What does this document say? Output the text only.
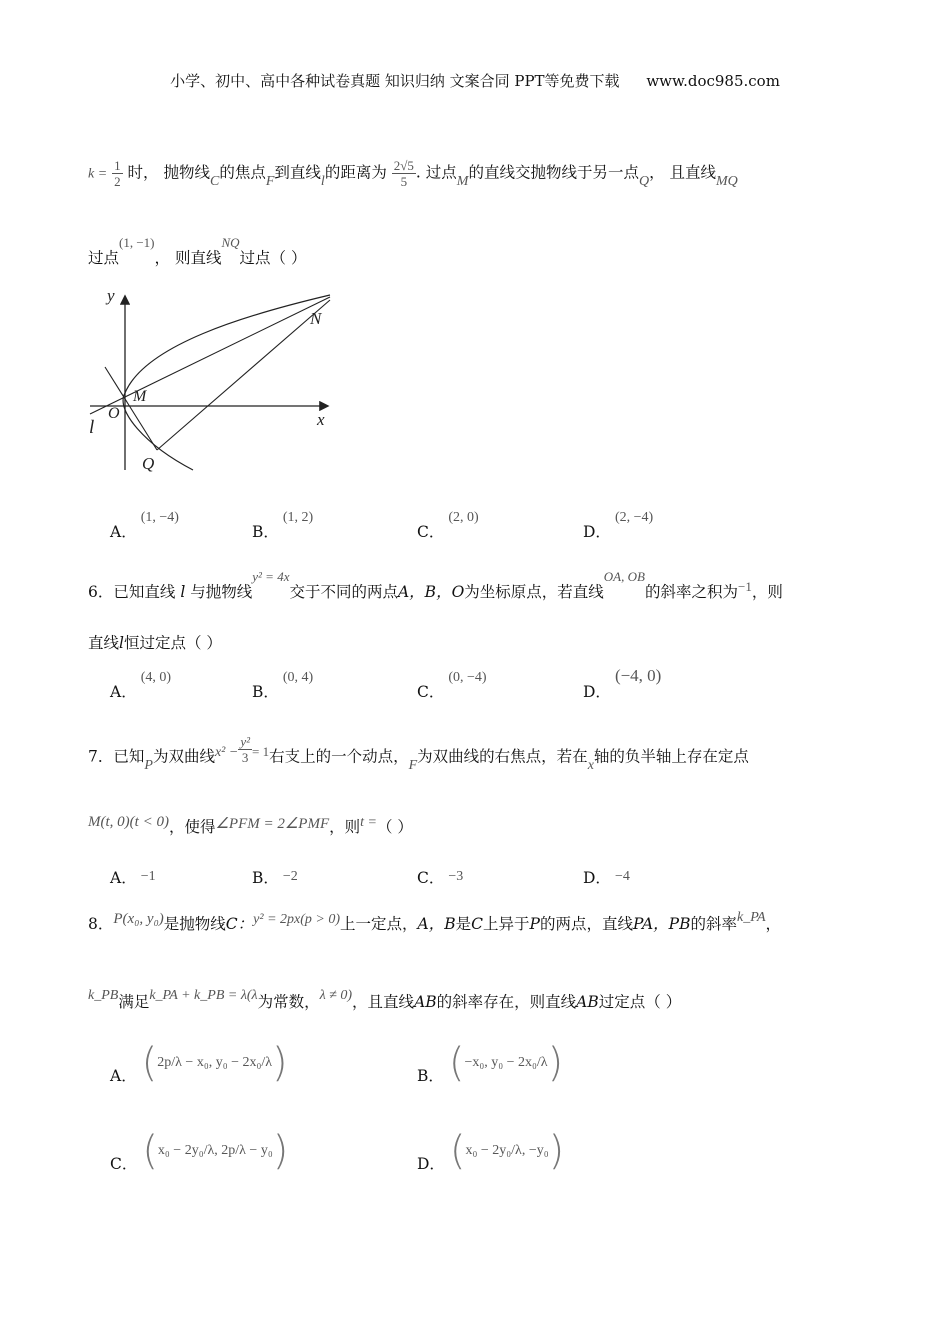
小学、初中、高中各种试卷真题 知识归纳 文案合同 PPT等免费下载 www.doc985.com
$k = \frac{1}{2}$ 时， 抛物线C的焦点F到直线l的距离为 $\frac{2√5}{5}$ . 过点M的直线交抛物线于另一点Q， 且直线MQ
过点$^{(1, -1)}$， 则直线$^{NQ}$过点（ ）
y
x
O
M
N
Q
l
A．(1, −4)
B．(1, 2)
C．(2, 0)
D．(2, −4)
6．已知直线 l 与抛物线$^{y^2 = 4x}$交于不同的两点A，B，O为坐标原点，若直线$^{OA, OB}$的斜率之积为$^{-1}$，则
直线l恒过定点（ ）
A．(4, 0)
B．(0, 4)
C．(0, −4)
D．(−4, 0)
7．已知P为双曲线$x^2 - \frac{\text{y²}}{3} ^{= 1}$右支上的一个动点，F为双曲线的右焦点，若在x轴的负半轴上存在定点
M(t, 0)(t < 0)，使得∠PFM = 2∠PMF，则t =（ ）
A． −1	B． −2	C． −3	D． −4
8．P(x₀, y₀)是抛物线C：y² = 2px(p > 0)上一定点，A，B是C上异于P的两点，直线PA，PB的斜率k_PA，
k_PB满足k_PA + k_PB = λ(λ为常数，λ ≠ 0)，且直线AB的斜率存在，则直线AB过定点（ ）
A． (2p/λ − x₀, y₀ − 2x₀/λ)	B． (−x₀, y₀ − 2x₀/λ)
C． (x₀ − 2y₀/λ, 2p/λ − y₀)	D． (x₀ − 2y₀/λ, −y₀)
